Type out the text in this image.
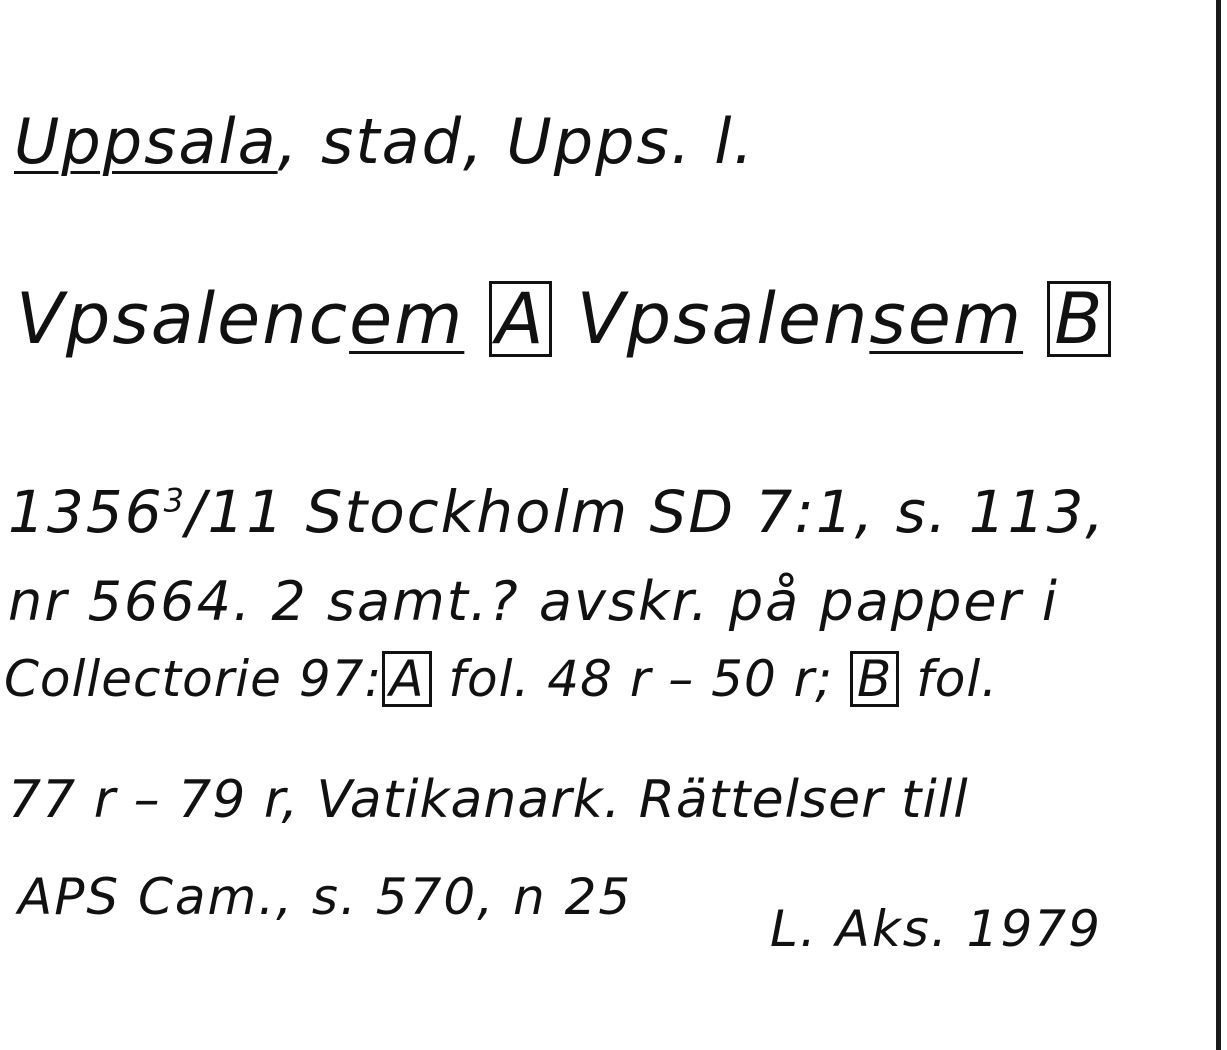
Uppsala, stad, Upps. l.
Vpsalencem A Vpsalensem B
1356$^3$/11 Stockholm SD 7:1, s. 113,
nr 5664. 2 samt.? avskr. på papper i
Collectorie 97: A fol. 48 r – 50 r; B fol.
77 r – 79 r, Vatikanark. Rättelser till
APS Cam., s. 570, n 25
L. Aks. 1979
